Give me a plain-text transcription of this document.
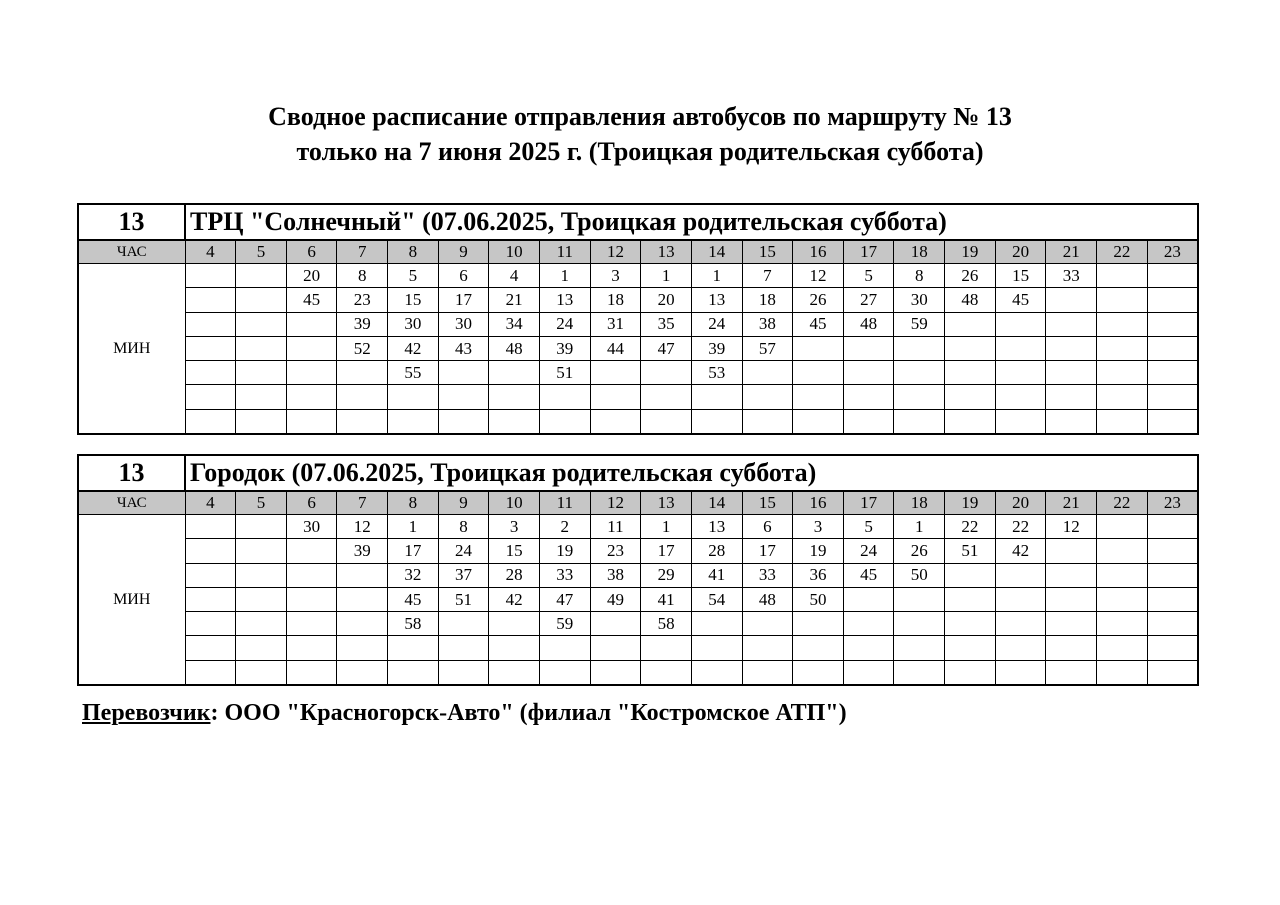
Сводное расписание отправления автобусов по маршруту № 13
только на 7 июня 2025 г. (Троицкая родительская суббота)
13	ТРЦ "Солнечный" (07.06.2025, Троицкая родительская суббота)																			
ЧАС	4	5	6	7	8	9	10	11	12	13	14	15	16	17	18	19	20	21	22	23
МИН			20	8	5	6	4	1	3	1	1	7	12	5	8	26	15	33		
			45	23	15	17	21	13	18	20	13	18	26	27	30	48	45			
				39	30	30	34	24	31	35	24	38	45	48	59					
				52	42	43	48	39	44	47	39	57								
					55			51			53									

13	Городок (07.06.2025, Троицкая родительская суббота)																			
ЧАС	4	5	6	7	8	9	10	11	12	13	14	15	16	17	18	19	20	21	22	23
МИН			30	12	1	8	3	2	11	1	13	6	3	5	1	22	22	12		
				39	17	24	15	19	23	17	28	17	19	24	26	51	42			
					32	37	28	33	38	29	41	33	36	45	50					
					45	51	42	47	49	41	54	48	50							
					58			59		58										

Перевозчик: ООО "Красногорск-Авто" (филиал "Костромское АТП")
